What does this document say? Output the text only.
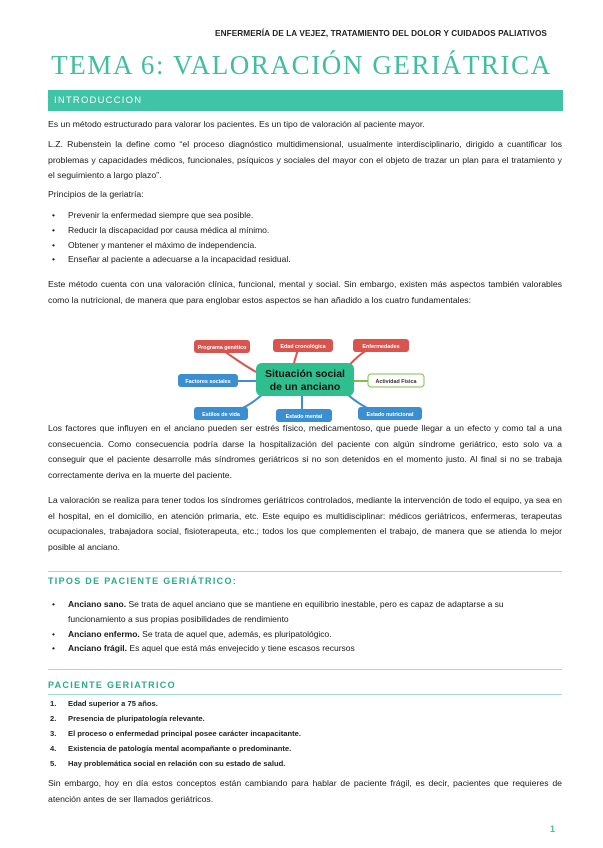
ENFERMERÍA DE LA VEJEZ, TRATAMIENTO DEL DOLOR Y CUIDADOS PALIATIVOS
TEMA 6: VALORACIÓN GERIÁTRICA
INTRODUCCION
Es un método estructurado para valorar los pacientes. Es un tipo de valoración al paciente mayor.
L.Z. Rubenstein la define como “el proceso diagnóstico multidimensional, usualmente interdisciplinario, dirigido a cuantificar los problemas y capacidades médicos, funcionales, psíquicos y sociales del mayor con el objeto de trazar un plan para el tratamiento y el seguimiento a largo plazo”.
Principios de la geriatría:
• Prevenir la enfermedad siempre que sea posible.
• Reducir la discapacidad por causa médica al mínimo.
• Obtener y mantener el máximo de independencia.
• Enseñar al paciente a adecuarse a la incapacidad residual.
Este método cuenta con una valoración clínica, funcional, mental y social. Sin embargo, existen más aspectos también valorables como la nutricional, de manera que para englobar estos aspectos se han añadido a los cuatro fundamentales:
Situación social
de un anciano
Programa genético	Edad cronológica	Enfermedades
Factores sociales	Actividad Física
Estilos de vida	Estado mental	Estado nutricional
Los factores que influyen en el anciano pueden ser estrés físico, medicamentoso, que puede llegar a un efecto y como tal a una consecuencia. Como consecuencia podría darse la hospitalización del paciente con algún síndrome geriátrico, esto solo va a conseguir que el paciente desarrolle más síndromes geriátricos si no son detenidos en el momento justo. Al final si no se trabaja correctamente deriva en la muerte del paciente.
La valoración se realiza para tener todos los síndromes geriátricos controlados, mediante la intervención de todo el equipo, ya sea en el hospital, en el domicilio, en atención primaria, etc. Este equipo es multidisciplinar: médicos geriátricos, enfermeras, terapeutas ocupacionales, trabajadora social, fisioterapeuta, etc.; todos los que complementen el trabajo, de manera que se atienda lo mejor posible al anciano.
TIPOS DE PACIENTE GERIÁTRICO:
• Anciano sano. Se trata de aquel anciano que se mantiene en equilibrio inestable, pero es capaz de adaptarse a su funcionamiento a sus propias posibilidades de rendimiento
• Anciano enfermo. Se trata de aquel que, además, es pluripatológico.
• Anciano frágil. Es aquel que está más envejecido y tiene escasos recursos
PACIENTE GERIATRICO
1. Edad superior a 75 años.
2. Presencia de pluripatología relevante.
3. El proceso o enfermedad principal posee carácter incapacitante.
4. Existencia de patología mental acompañante o predominante.
5. Hay problemática social en relación con su estado de salud.
Sin embargo, hoy en día estos conceptos están cambiando para hablar de paciente frágil, es decir, pacientes que requieres de atención antes de ser llamados geriátricos.
1
